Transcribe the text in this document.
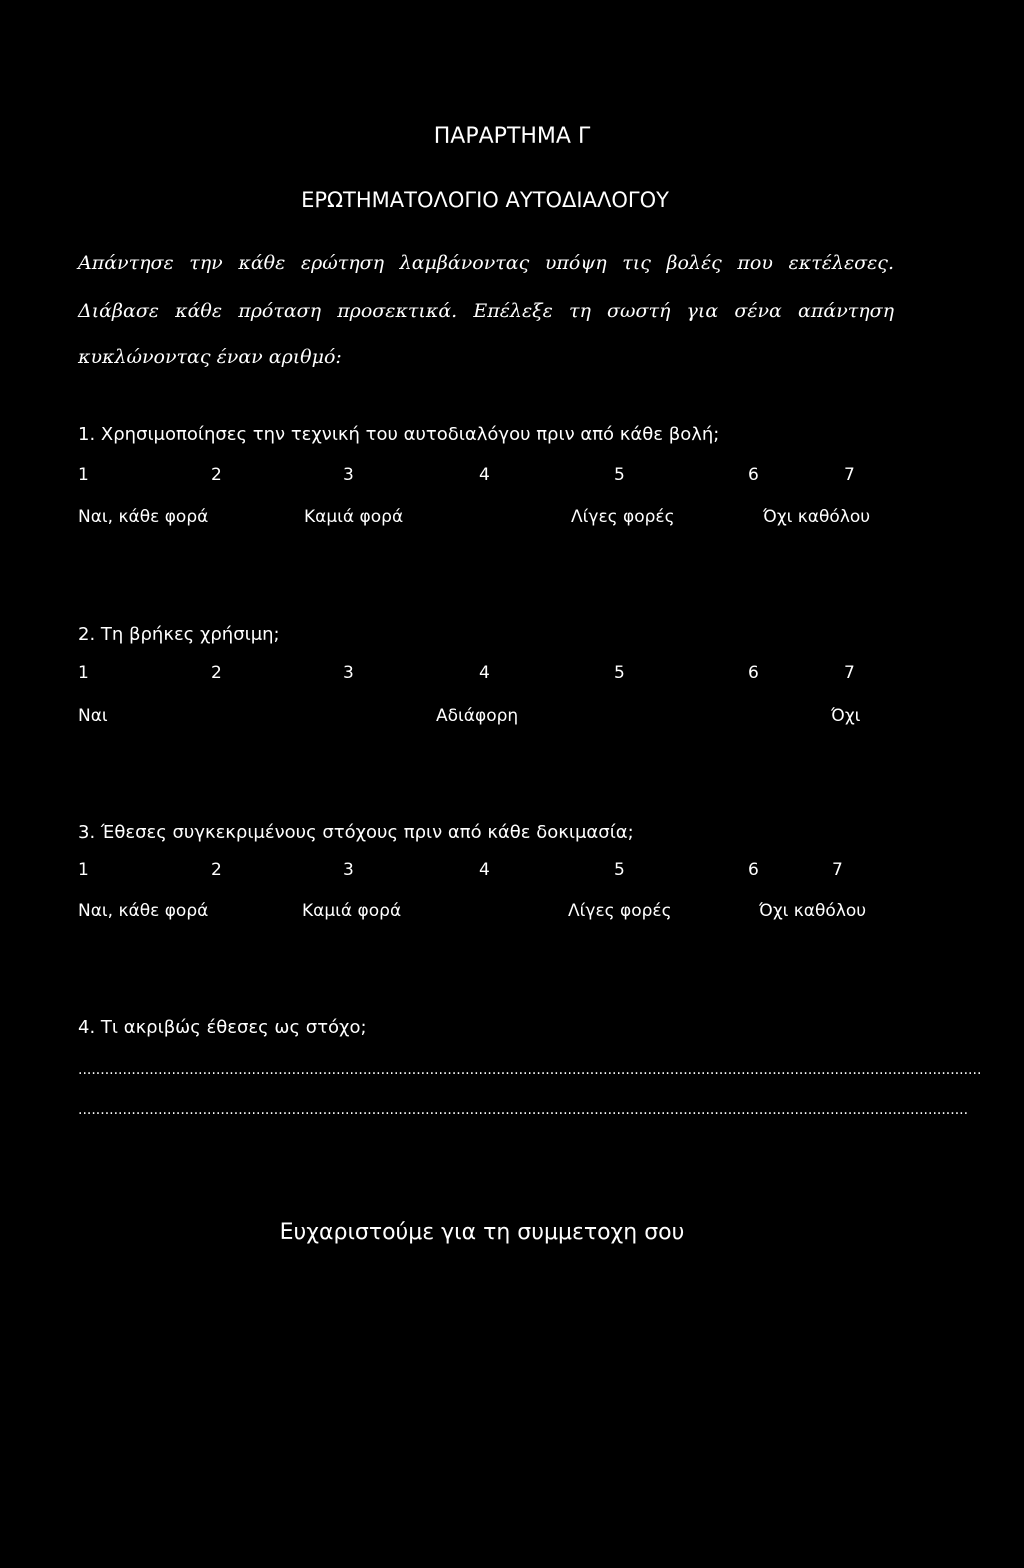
ΠΑΡΑΡΤΗΜΑ Γ
ΕΡΩΤΗΜΑΤΟΛΟΓΙΟ ΑΥΤΟΔΙΑΛΟΓΟΥ
Απάντησε την κάθε ερώτηση λαμβάνοντας υπόψη τις βολές που εκτέλεσες.
Διάβασε κάθε πρόταση προσεκτικά. Επέλεξε τη σωστή για σένα απάντηση
κυκλώνοντας έναν αριθμό:
1. Χρησιμοποίησες την τεχνική του αυτοδιαλόγου πριν από κάθε βολή;
1	2	3	4	5	6	7
Ναι, κάθε φορά	Καμιά φορά	Λίγες φορές	Όχι καθόλου
2. Τη βρήκες χρήσιμη;
1	2	3	4	5	6	7
Ναι	Αδιάφορη	Όχι
3. Έθεσες συγκεκριμένους στόχους πριν από κάθε δοκιμασία;
1	2	3	4	5	6	7
Ναι, κάθε φορά	Καμιά φορά	Λίγες φορές	Όχι καθόλου
4. Τι ακριβώς έθεσες ως στόχο;
...........................................................................................................................................................................................................
........................................................................................................................................................................................................
Ευχαριστούμε για τη συμμετοχη σου
